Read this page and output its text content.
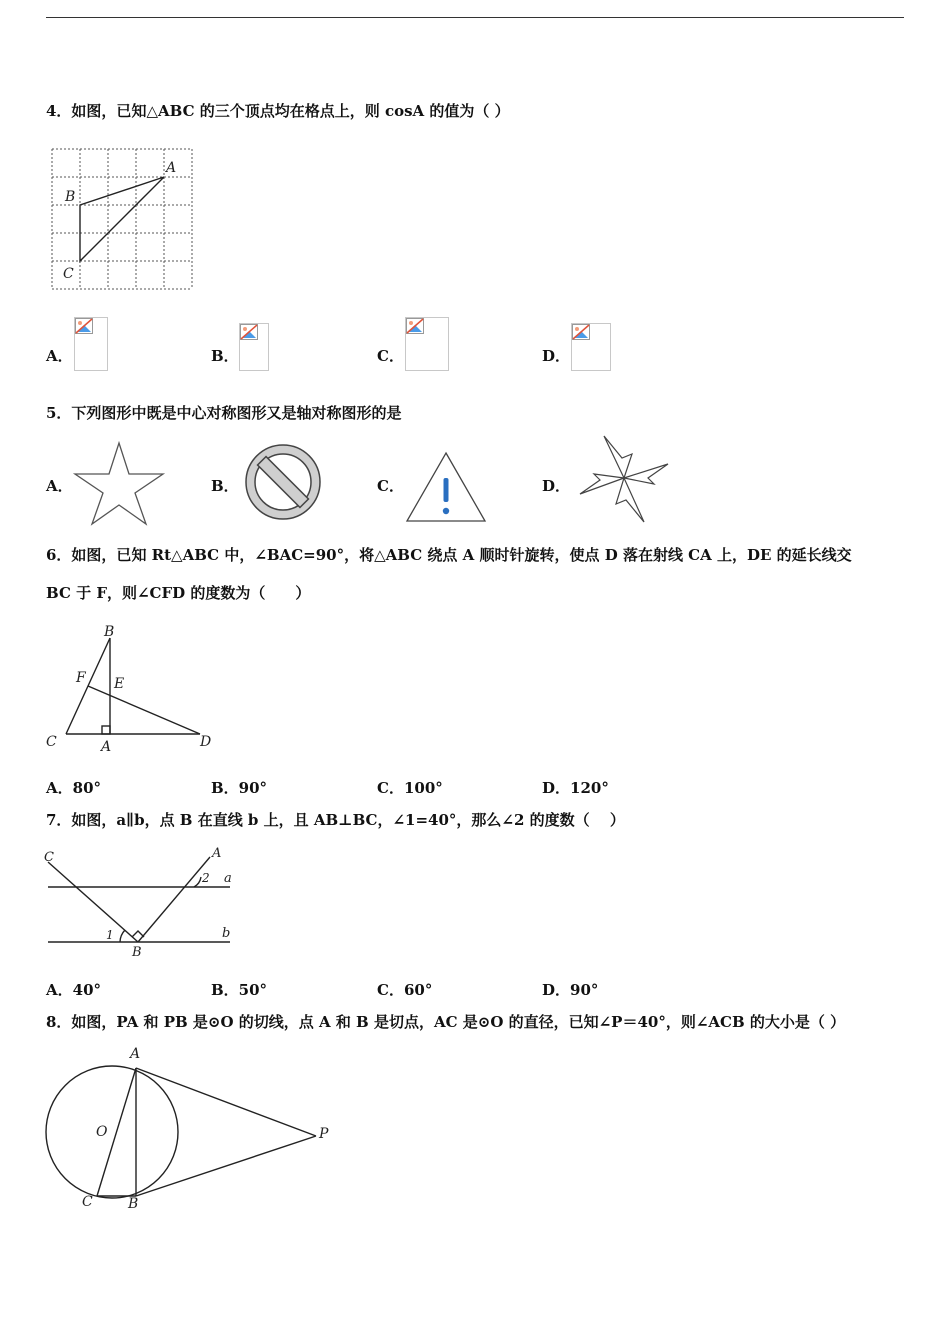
4．如图，已知△ABC 的三个顶点均在格点上，则 cosA 的值为（ ）
A
B
C
A．	B．	C．	D．
5．下列图形中既是中心对称图形又是轴对称图形的是
A．	B．	C．	D．
6．如图，已知 Rt△ABC 中，∠BAC=90°，将△ABC 绕点 A 顺时针旋转，使点 D 落在射线 CA 上，DE 的延长线交
BC 于 F，则∠CFD 的度数为（　　）
B
F E
C	A	D
A．80°	B．90°	C．100°	D．120°
7．如图，a∥b，点 B 在直线 b 上，且 AB⊥BC，∠1=40°，那么∠2 的度数（　 ）
C	A
a
b
1
2
B
A．40°	B．50°	C．60°	D．90°
8．如图，PA 和 PB 是⊙O 的切线，点 A 和 B 是切点，AC 是⊙O 的直径，已知∠P＝40°，则∠ACB 的大小是（ ）
A
O	P
C	B
